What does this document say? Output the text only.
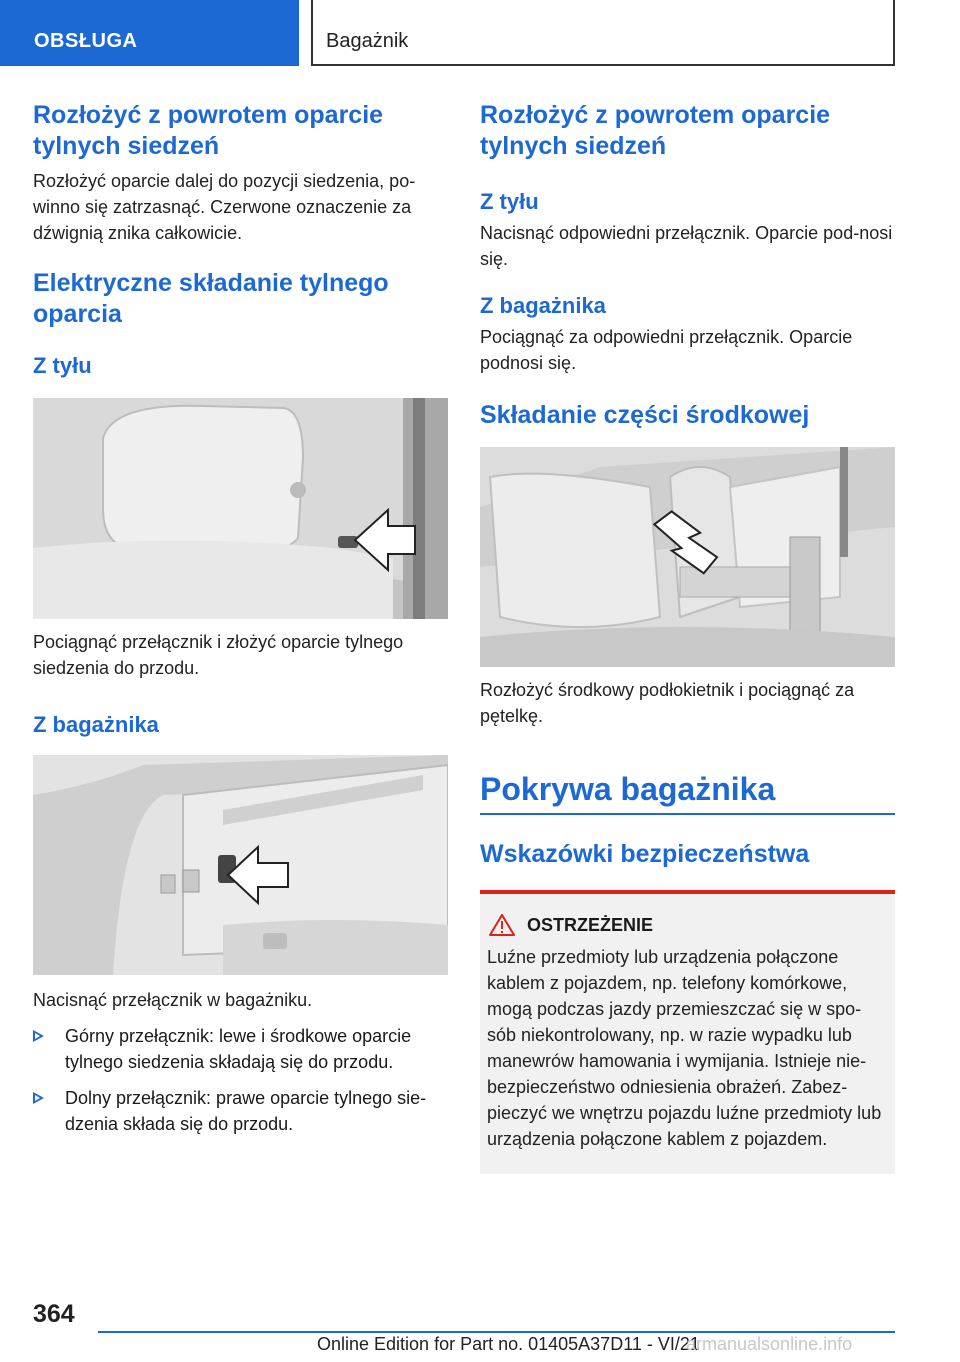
OBSŁUGA	Bagażnik
Rozłożyć z powrotem oparcie tylnych siedzeń

Rozłożyć oparcie dalej do pozycji siedzenia, po-winno się zatrzasnąć. Czerwone oznaczenie za dźwignią znika całkowicie.

Elektryczne składanie tylnego oparcia
Z tyłu

Pociągnąć przełącznik i złożyć oparcie tylnego siedzenia do przodu.

Z bagażnika

Nacisnąć przełącznik w bagażniku.

Górny przełącznik: lewe i środkowe oparcie tylnego siedzenia składają się do przodu.
Dolny przełącznik: prawe oparcie tylnego sie-dzenia składa się do przodu.
Rozłożyć z powrotem oparcie tylnych siedzeń
Z tyłu

Nacisnąć odpowiedni przełącznik. Oparcie pod-nosi się.

Z bagażnika

Pociągnąć za odpowiedni przełącznik. Oparcie podnosi się.

Składanie części środkowej

Rozłożyć środkowy podłokietnik i pociągnąć za pętelkę.

Pokrywa bagażnika
Wskazówki bezpieczeństwa
OSTRZEŻENIE

Luźne przedmioty lub urządzenia połączone kablem z pojazdem, np. telefony komórkowe, mogą podczas jazdy przemieszczać się w spo-sób niekontrolowany, np. w razie wypadku lub manewrów hamowania i wymijania. Istnieje nie-bezpieczeństwo odniesienia obrażeń. Zabez-pieczyć we wnętrzu pojazdu luźne przedmioty lub urządzenia połączone kablem z pojazdem.

364
Online Edition for Part no. 01405A37D11 - VI/21
armanualsonline.info
